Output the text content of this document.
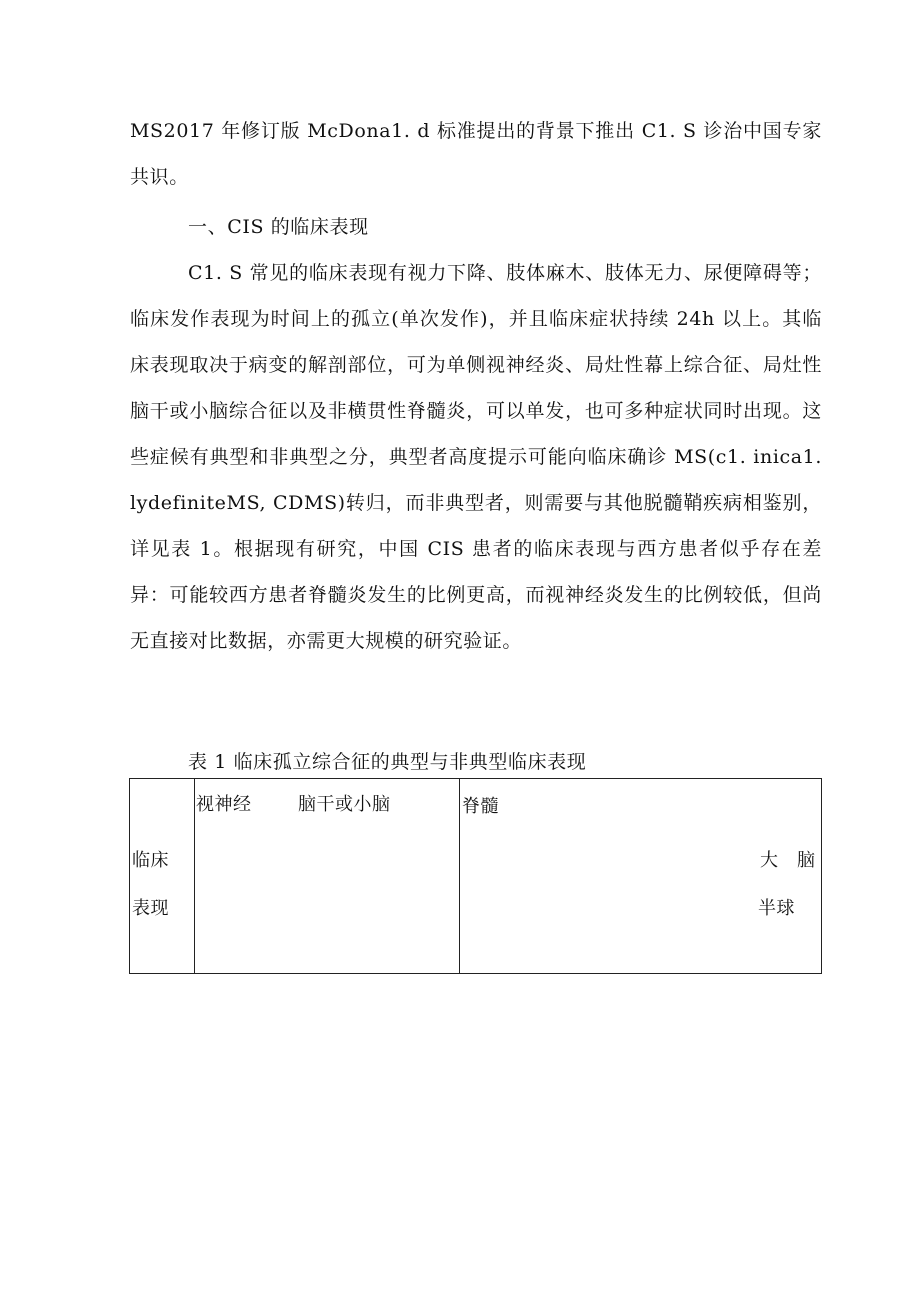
MS2017 年修订版 McDona1. d 标准提出的背景下推出 C1. S 诊治中国专家共识。

一、CIS 的临床表现

C1. S 常见的临床表现有视力下降、肢体麻木、肢体无力、尿便障碍等；临床发作表现为时间上的孤立(单次发作)，并且临床症状持续 24h 以上。其临床表现取决于病变的解剖部位，可为单侧视神经炎、局灶性幕上综合征、局灶性脑干或小脑综合征以及非横贯性脊髓炎，可以单发，也可多种症状同时出现。这些症候有典型和非典型之分，典型者高度提示可能向临床确诊 MS(c1. inica1. lydefiniteMS, CDMS)转归，而非典型者，则需要与其他脱髓鞘疾病相鉴别，详见表 1。根据现有研究，中国 CIS 患者的临床表现与西方患者似乎存在差异：可能较西方患者脊髓炎发生的比例更高，而视神经炎发生的比例较低，但尚无直接对比数据，亦需更大规模的研究验证。

表 1 临床孤立综合征的典型与非典型临床表现

视神经	脑干或小脑	脊髓
临床
表现
大　脑
半球
